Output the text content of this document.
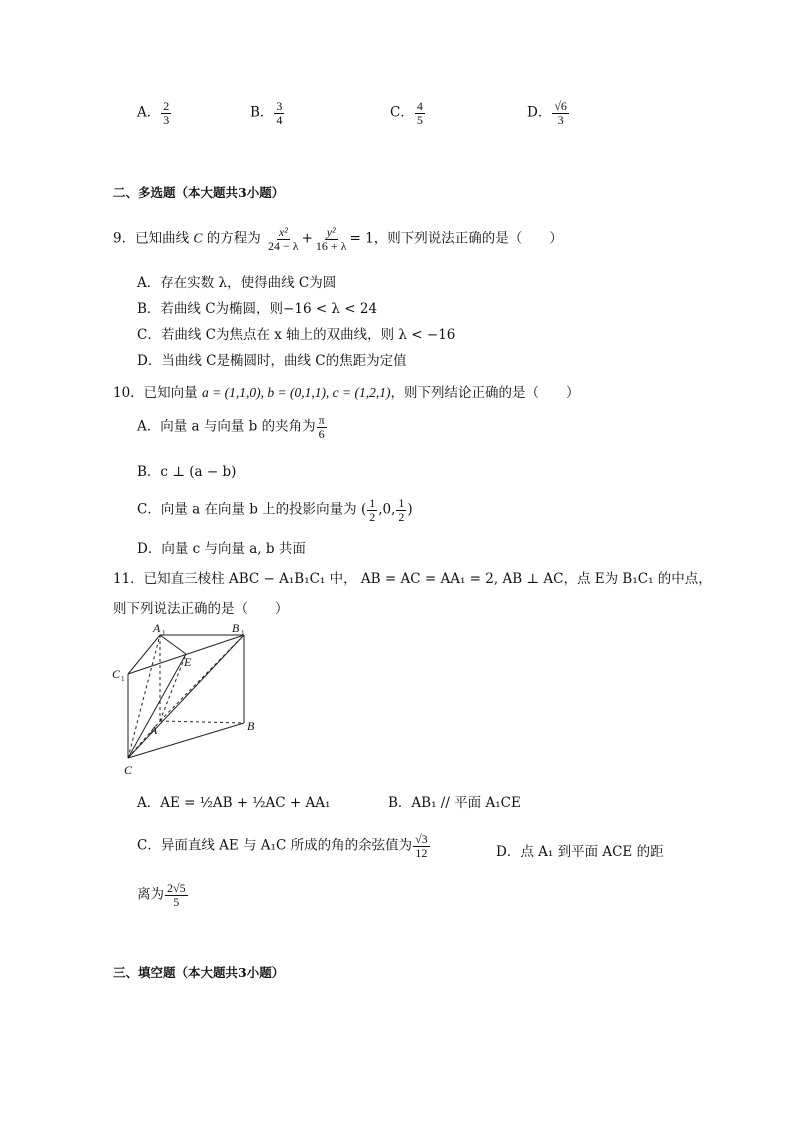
A． $\frac{2}{3}$	B． $\frac{3}{4}$	C． $\frac{4}{5}$	D． $\frac{√6}{3}$
二、多选题（本大题共3小题）
9．已知曲线 C 的方程为 $\frac{\text{x²}}{24 - \lambda} + \frac{\text{y²}}{16 + \lambda} = 1$，则下列说法正确的是（　　）
A．存在实数 λ，使得曲线 C为圆
B．若曲线 C为椭圆，则−16 < λ < 24
C．若曲线 C为焦点在 x 轴上的双曲线，则 λ < −16
D．当曲线 C是椭圆时，曲线 C的焦距为定值
10．已知向量 a = (1,1,0), b = (0,1,1), c = (1,2,1)，则下列结论正确的是（　　）
A．向量 a 与向量 b 的夹角为 $\frac{\pi}{6}$
B．c ⊥ (a − b)
C．向量 a 在向量 b 上的投影向量为 ( $\frac{1}{2} ,0$, $\frac{1}{2}$ )
D．向量 c 与向量 a, b 共面
11．已知直三棱柱 ABC − A₁B₁C₁ 中， AB = AC = AA₁ = 2, AB ⊥ AC，点 E为 B₁C₁ 的中点，
则下列说法正确的是（　　）
A 1	B 1
C 1
E
A	B
C
A．AE = ½AB + ½AC + AA₁	B．AB₁ // 平面 A₁CE
C．异面直线 AE 与 A₁C 所成的角的余弦值为 $\frac{√3}{12}$	D．点 A₁ 到平面 ACE 的距
离为 $\frac{2√5}{5}$
三、填空题（本大题共3小题）
